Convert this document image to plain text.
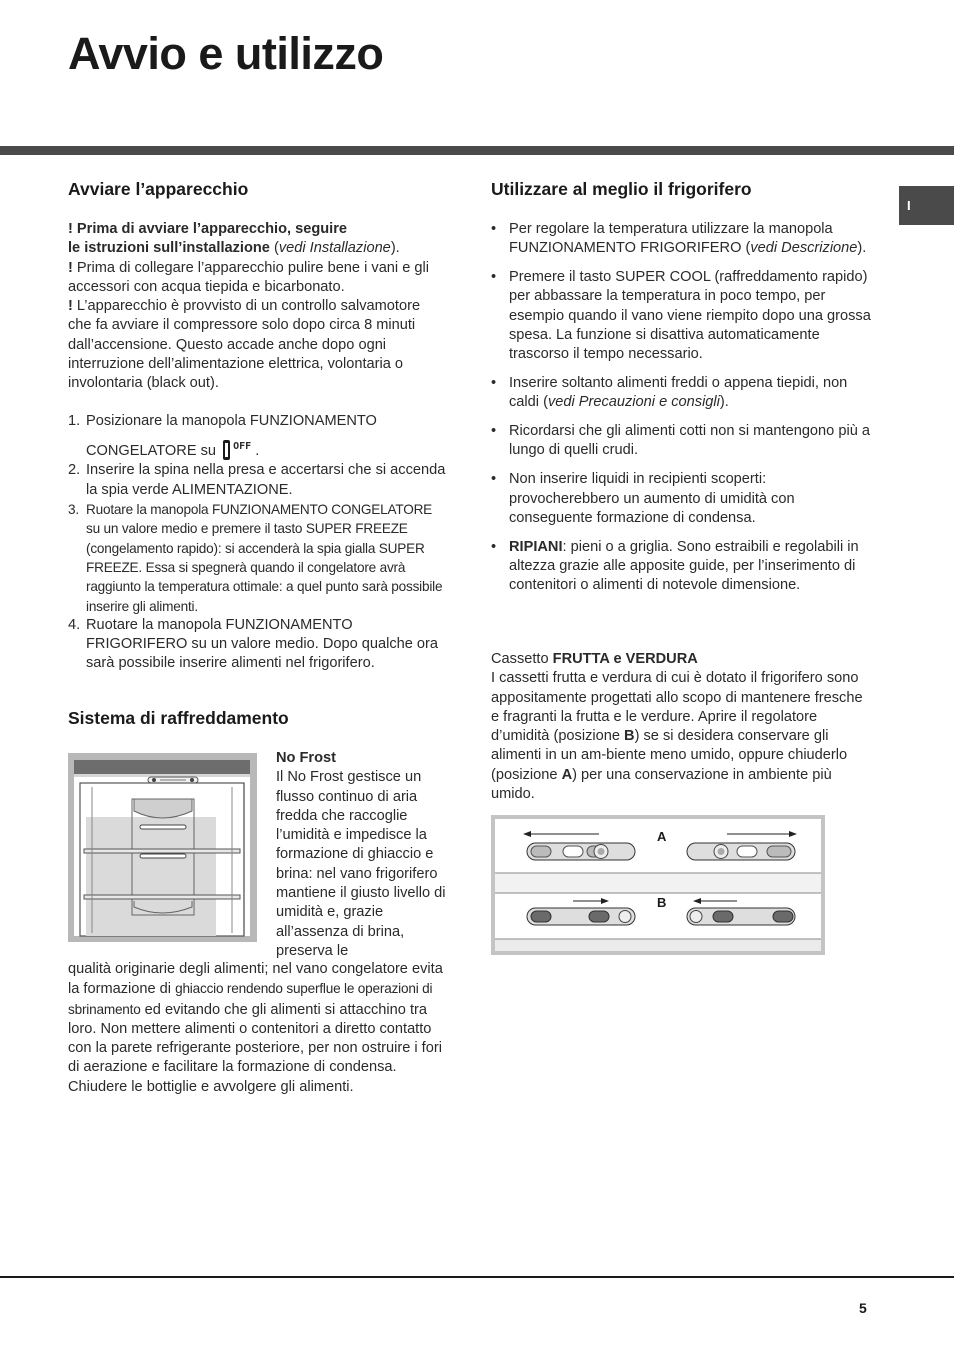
Avvio e utilizzo
I
Avviare l’apparecchio
! Prima di avviare l’apparecchio, seguire
le istruzioni sull’installazione (vedi Installazione).
! Prima di collegare l’apparecchio pulire bene i vani e gli accessori con acqua tiepida e bicarbonato.
! L’apparecchio è provvisto di un controllo salvamotore che fa avviare il compressore solo dopo circa 8 minuti dall’accensione. Questo accade anche dopo ogni interruzione dell’alimentazione elettrica, volontaria o involontaria (black out).
1. Posizionare la manopola FUNZIONAMENTO
CONGELATORE su $^{OFF}$ .
2. Inserire la spina nella presa e accertarsi che si accenda la spia verde ALIMENTAZIONE.
3. Ruotare la manopola FUNZIONAMENTO CONGELATORE su un valore medio e premere il tasto SUPER FREEZE (congelamento rapido): si accenderà la spia gialla SUPER FREEZE. Essa si spegnerà quando il congelatore avrà raggiunto la temperatura ottimale: a quel punto sarà possibile inserire gli alimenti.
4. Ruotare la manopola FUNZIONAMENTO FRIGORIFERO su un valore medio. Dopo qualche ora sarà possibile inserire alimenti nel frigorifero.
Sistema di raffreddamento
No Frost
Il No Frost gestisce un flusso continuo di aria fredda che raccoglie l’umidità e impedisce la formazione di ghiaccio e brina: nel vano frigorifero mantiene il giusto livello di umidità e, grazie all’assenza di brina, preserva le
qualità originarie degli alimenti; nel vano congelatore evita la formazione di ghiaccio rendendo superflue le operazioni di sbrinamento ed evitando che gli alimenti si attacchino tra loro. Non mettere alimenti o contenitori a diretto contatto con la parete refrigerante posteriore, per non ostruire i fori di aerazione e facilitare la formazione di condensa. Chiudere le bottiglie e avvolgere gli alimenti.
Utilizzare al meglio il frigorifero
• Per regolare la temperatura utilizzare la manopola FUNZIONAMENTO FRIGORIFERO (vedi Descrizione).
• Premere il tasto SUPER COOL (raffreddamento rapido) per abbassare la temperatura in poco tempo, per esempio quando il vano viene riempito dopo una grossa spesa. La funzione si disattiva automaticamente trascorso il tempo necessario.
• Inserire soltanto alimenti freddi o appena tiepidi, non caldi (vedi Precauzioni e consigli).
• Ricordarsi che gli alimenti cotti non si mantengono più a lungo di quelli crudi.
• Non inserire liquidi in recipienti scoperti: provocherebbero un aumento di umidità con conseguente formazione di condensa.
• RIPIANI: pieni o a griglia. Sono estraibili e regolabili in altezza grazie alle apposite guide, per l’inserimento di contenitori o alimenti di notevole dimensione.
Cassetto FRUTTA e VERDURA
I cassetti frutta e verdura di cui è dotato il frigorifero sono appositamente progettati allo scopo di mantenere fresche e fragranti la frutta e le verdure. Aprire il regolatore d’umidità (posizione B) se si desidera conservare gli alimenti in un am-biente meno umido, oppure chiuderlo (posizione A) per una conservazione in ambiente più umido.
A
B
5
